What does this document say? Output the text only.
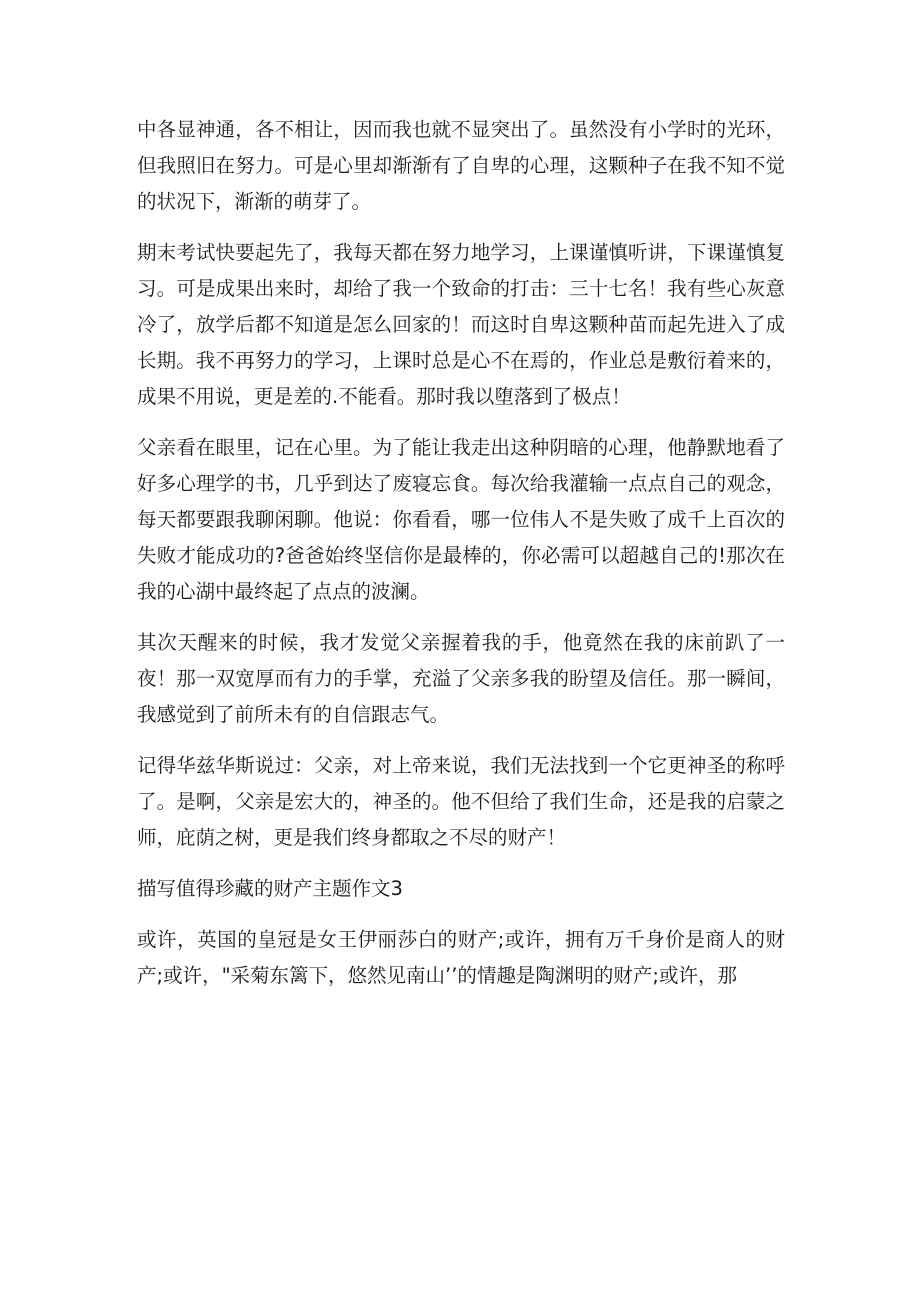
中各显神通，各不相让，因而我也就不显突出了。虽然没有小学时的光环，但我照旧在努力。可是心里却渐渐有了自卑的心理，这颗种子在我不知不觉的状况下，渐渐的萌芽了。

期末考试快要起先了，我每天都在努力地学习，上课谨慎听讲，下课谨慎复习。可是成果出来时，却给了我一个致命的打击：三十七名！我有些心灰意冷了，放学后都不知道是怎么回家的！而这时自卑这颗种苗而起先进入了成长期。我不再努力的学习，上课时总是心不在焉的，作业总是敷衍着来的，成果不用说，更是差的.不能看。那时我以堕落到了极点！

父亲看在眼里，记在心里。为了能让我走出这种阴暗的心理，他静默地看了好多心理学的书，几乎到达了废寝忘食。每次给我灌输一点点自己的观念，每天都要跟我聊闲聊。他说：你看看，哪一位伟人不是失败了成千上百次的失败才能成功的?爸爸始终坚信你是最棒的，你必需可以超越自己的!那次在我的心湖中最终起了点点的波澜。

其次天醒来的时候，我才发觉父亲握着我的手，他竟然在我的床前趴了一夜！那一双宽厚而有力的手掌，充溢了父亲多我的盼望及信任。那一瞬间，我感觉到了前所未有的自信跟志气。

记得华兹华斯说过：父亲，对上帝来说，我们无法找到一个它更神圣的称呼了。是啊，父亲是宏大的，神圣的。他不但给了我们生命，还是我的启蒙之师，庇荫之树，更是我们终身都取之不尽的财产！

描写值得珍藏的财产主题作文3

或许，英国的皇冠是女王伊丽莎白的财产;或许，拥有万千身价是商人的财产;或许，"采菊东篱下，悠然见南山’’的情趣是陶渊明的财产;或许，那
